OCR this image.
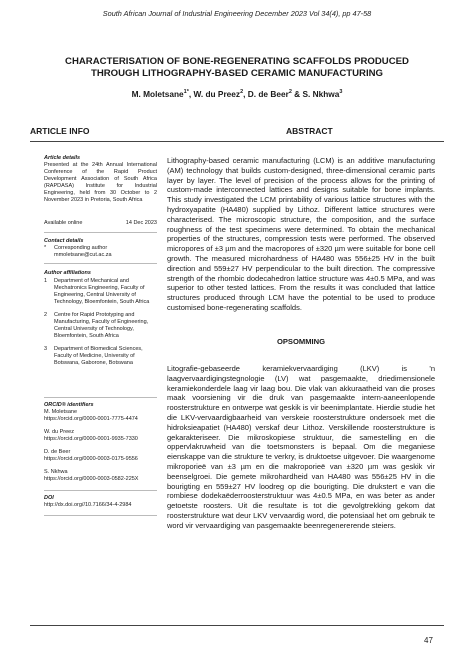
South African Journal of Industrial Engineering December 2023 Vol 34(4), pp 47-58
CHARACTERISATION OF BONE-REGENERATING SCAFFOLDS PRODUCED THROUGH LITHOGRAPHY-BASED CERAMIC MANUFACTURING
M. Moletsane$^{1*}$, W. du Preez$^2$, D. de Beer$^2$ & S. Nkhwa$^3$
ARTICLE INFO	ABSTRACT
Article details
Presented at the 24th Annual International Conference of the Rapid Product Development Association of South Africa (RAPDASA) Institute for Industrial Engineering, held from 30 October to 2 November 2023 in Pretoria, South Africa
Available online	14 Dec 2023
Contact details
*	Corresponding author
mmoletsane@cut.ac.za
Author affiliations
1	Department of Mechanical and Mechatronics Engineering, Faculty of Engineering, Central University of Technology, Bloemfontein, South Africa
2	Centre for Rapid Prototyping and Manufacturing, Faculty of Engineering, Central University of Technology, Bloemfontein, South Africa
3	Department of Biomedical Sciences, Faculty of Medicine, University of Botswana, Gaborone, Botswana
ORCID® identifiers
M. Moletsane
https://orcid.org/0000-0001-7775-4474
W. du Preez
https://orcid.org/0000-0001-9935-7330
D. de Beer
https://orcid.org/0000-0003-0175-9556
S. Nkhwa
https://orcid.org/0000-0003-0582-225X
DOI
http://dx.doi.org//10.7166/34-4-2984
Lithography-based ceramic manufacturing (LCM) is an additive manufacturing (AM) technology that builds custom-designed, three-dimensional ceramic parts layer by layer. The level of precision of the process allows for the printing of custom-made interconnected lattices and designs suitable for bone implants. This study investigated the LCM printability of various lattice structures with the hydroxyapatite (HA480) supplied by Lithoz. Different lattice structures were characterised. The microscopic structure, the composition, and the surface roughness of the test specimens were determined. To obtain the mechanical properties of the structures, compression tests were performed. The observed micropores of ±3 µm and the macropores of ±320 µm were suitable for bone cell growth. The measured microhardness of HA480 was 556±25 HV in the built direction and 559±27 HV perpendicular to the built direction. The compressive strength of the rhombic dodecahedron lattice structure was 4±0.5 MPa, and was superior to other tested lattices. From the results it was concluded that lattice structures produced through LCM have the potential to be used to produce customised bone-regenerating scaffolds.
OPSOMMING
Litografie-gebaseerde keramiekvervaardiging (LKV) is 'n laagvervaardigingstegnologie (LV) wat pasgemaakte, driedimensionele keramiekonderdele laag vir laag bou. Die vlak van akkuraatheid van die proses maak voorsiening vir die druk van pasgemaakte intern-aaneenlopende roosterstrukture en ontwerpe wat geskik is vir beenimplantate. Hierdie studie het die LKV-vervaardigbaarheid van verskeie roosterstrukture ondersoek met die hidroksieapatiet (HA480) verskaf deur Lithoz. Verskillende roosterstrukture is gekarakteriseer. Die mikroskopiese struktuur, die samestelling en die oppervlakruwheid van die toetsmonsters is bepaal. Om die meganiese eienskappe van die strukture te verkry, is druktoetse uitgevoer. Die waargenome mikroporieë van ±3 µm en die makroporieë van ±320 µm was geskik vir beenselgroei. Die gemete mikrohardheid van HA480 was 556±25 HV in die bourigting en 559±27 HV loodreg op die bourigting. Die drukstert e van die rombiese dodekaëderroosterstruktuur was 4±0.5 MPa, en was beter as ander getoetste roosters. Uit die resultate is tot die gevolgtrekking gekom dat roosterstrukture wat deur LKV vervaardig word, die potensiaal het om gebruik te word vir vervaardiging van pasgemaakte beenregenererende steiers.
47
